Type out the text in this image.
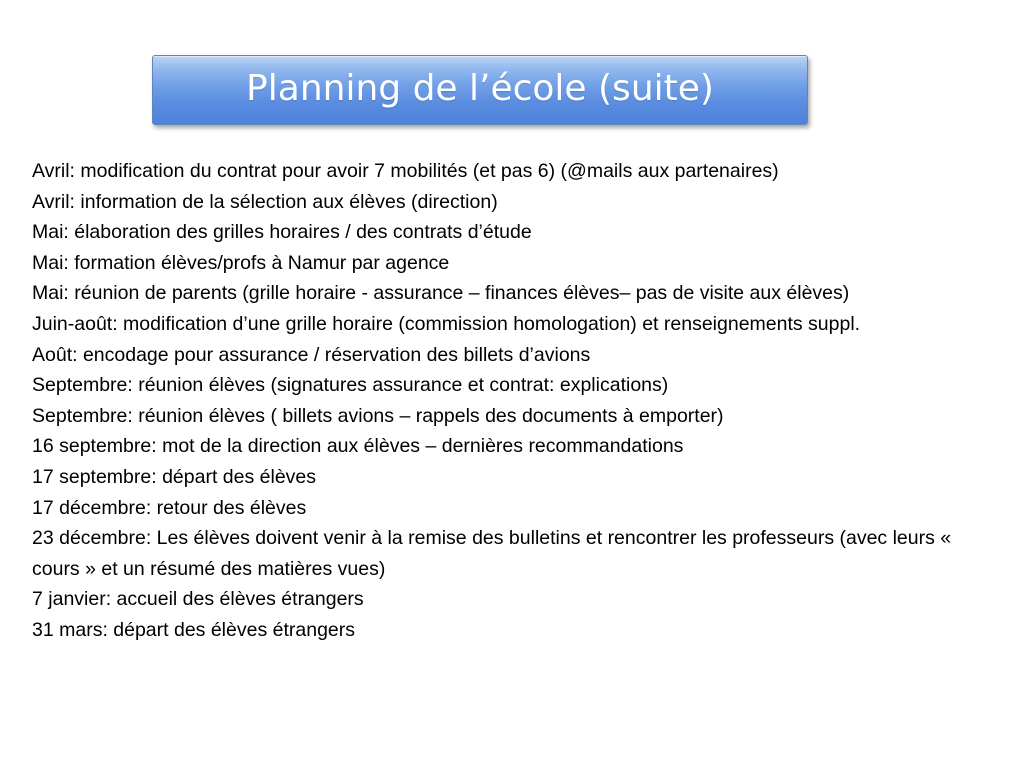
Planning de l’école (suite)

Avril: modification du contrat pour avoir 7 mobilités (et pas 6) (@mails aux partenaires)

Avril: information de la sélection aux élèves (direction)

Mai: élaboration des grilles horaires / des contrats d’étude

Mai: formation élèves/profs à Namur par agence

Mai: réunion de parents (grille horaire - assurance – finances élèves– pas de visite aux élèves)

Juin-août: modification d’une grille horaire (commission homologation) et renseignements suppl.

Août: encodage pour assurance / réservation des billets d’avions

Septembre: réunion élèves (signatures assurance et contrat: explications)

Septembre: réunion élèves ( billets avions – rappels des documents à emporter)

16 septembre: mot de la direction aux élèves – dernières recommandations

17 septembre: départ des élèves

17 décembre: retour des élèves

23 décembre: Les élèves doivent venir à la remise des bulletins et rencontrer les professeurs (avec leurs « cours » et un résumé des matières vues)

7 janvier: accueil des élèves étrangers

31 mars: départ des élèves étrangers
